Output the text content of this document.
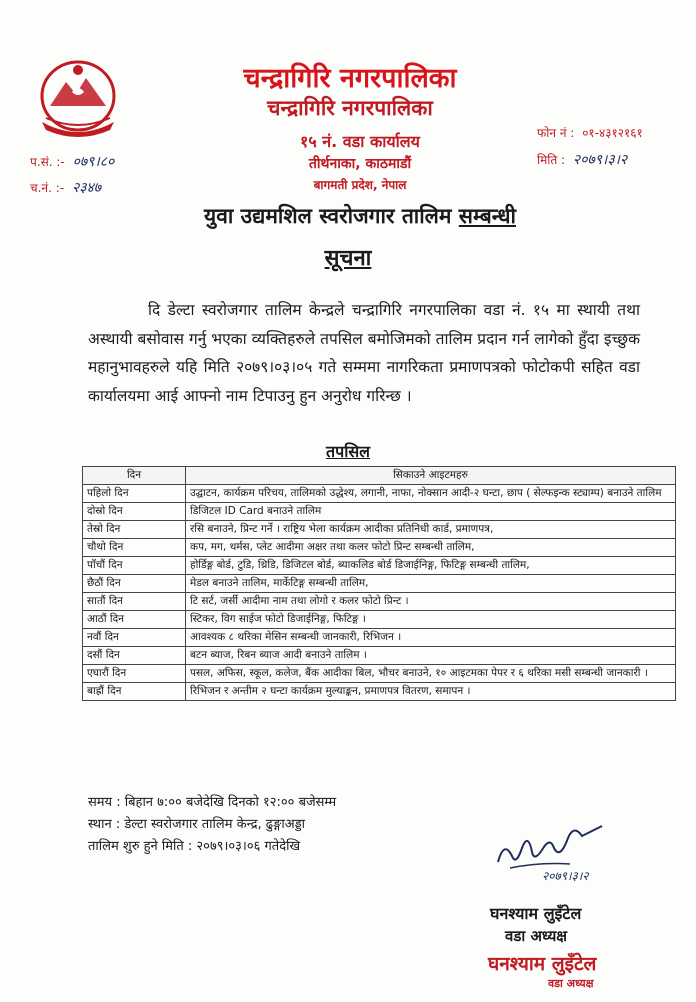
चन्द्रागिरि नगरपालिका
चन्द्रागिरि नगरपालिका
१५ नं. वडा कार्यालय
तीर्थनाका, काठमाडौं
बागमती प्रदेश, नेपाल
प.सं. :- ०७९।८०
च.नं. :- २३४७
फोन नं : ०१-४३१२१६१
मिति : २०७९।३।२
युवा उद्यमशिल स्वरोजगार तालिम सम्बन्धी
सूचना
दि डेल्टा स्वरोजगार तालिम केन्द्रले चन्द्रागिरि नगरपालिका वडा नं. १५ मा स्थायी तथा अस्थायी बसोवास गर्नु भएका व्यक्तिहरुले तपसिल बमोजिमको तालिम प्रदान गर्न लागेको हुँदा इच्छुक महानुभावहरुले यहि मिति २०७९।०३।०५ गते सम्ममा नागरिकता प्रमाणपत्रको फोटोकपी सहित वडा कार्यालयमा आई आफ्नो नाम टिपाउनु हुन अनुरोध गरिन्छ ।
तपसिल
दिन	सिकाउने आइटमहरु
पहिलो दिन	उद्घाटन, कार्यक्रम परिचय, तालिमको उद्धेश्य, लगानी, नाफा, नोक्सान आदी-२ घन्टा, छाप ( सेल्फइन्क स्ट्याम्प) बनाउने तालिम
दोस्रो दिन	डिजिटल ID Card बनाउने तालिम
तेस्रो दिन	रसि बनाउने, प्रिन्ट गर्ने । राष्ट्रिय भेला कार्यक्रम आदीका प्रतिनिधी कार्ड, प्रमाणपत्र,
चौथो दिन	कप, मग, थर्मस, प्लेट आदीमा अक्षर तथा कलर फोटो प्रिन्ट सम्बन्धी तालिम,
पाँचौं दिन	होर्डिङ्ग बोर्ड, टुडि, थ्रिडि, डिजिटल बोर्ड, ब्याकलिड बोर्ड डिजाईनिङ्ग, फिटिङ्ग सम्बन्धी तालिम,
छैठौं दिन	मेडल बनाउने तालिम, मार्केटिङ्ग सम्बन्धी तालिम,
सातौं दिन	टि सर्ट, जर्सी आदीमा नाम तथा लोगो र कलर फोटो प्रिन्ट ।
आठौं दिन	स्टिकर, विग साईज फोटो डिजाईनिङ्ग, फिटिङ्ग ।
नवौं दिन	आवश्यक ८ थरिका मेसिन सम्बन्धी जानकारी, रिभिजन ।
दसौं दिन	बटन ब्याज, रिबन ब्याज आदी बनाउने तालिम ।
एघारौं दिन	पसल, अफिस, स्कूल, कलेज, बैंक आदीका बिल, भौचर बनाउने, १० आइटमका पेपर र ६ थरिका मसी सम्बन्धी जानकारी ।
बाह्रौं दिन	रिभिजन र अन्तीम २ घन्टा कार्यक्रम मुल्याङ्कन, प्रमाणपत्र वितरण, समापन ।
समय : बिहान ७:०० बजेदेखि दिनको १२:०० बजेसम्म
स्थान : डेल्टा स्वरोजगार तालिम केन्द्र, ढुङ्गाअड्डा
तालिम शुरु हुने मिति : २०७९।०३।०६ गतेदेखि
२०७९।३।२
घनश्याम लुइँटेल
वडा अध्यक्ष
घनश्याम लुइँटेल
वडा अध्यक्ष
